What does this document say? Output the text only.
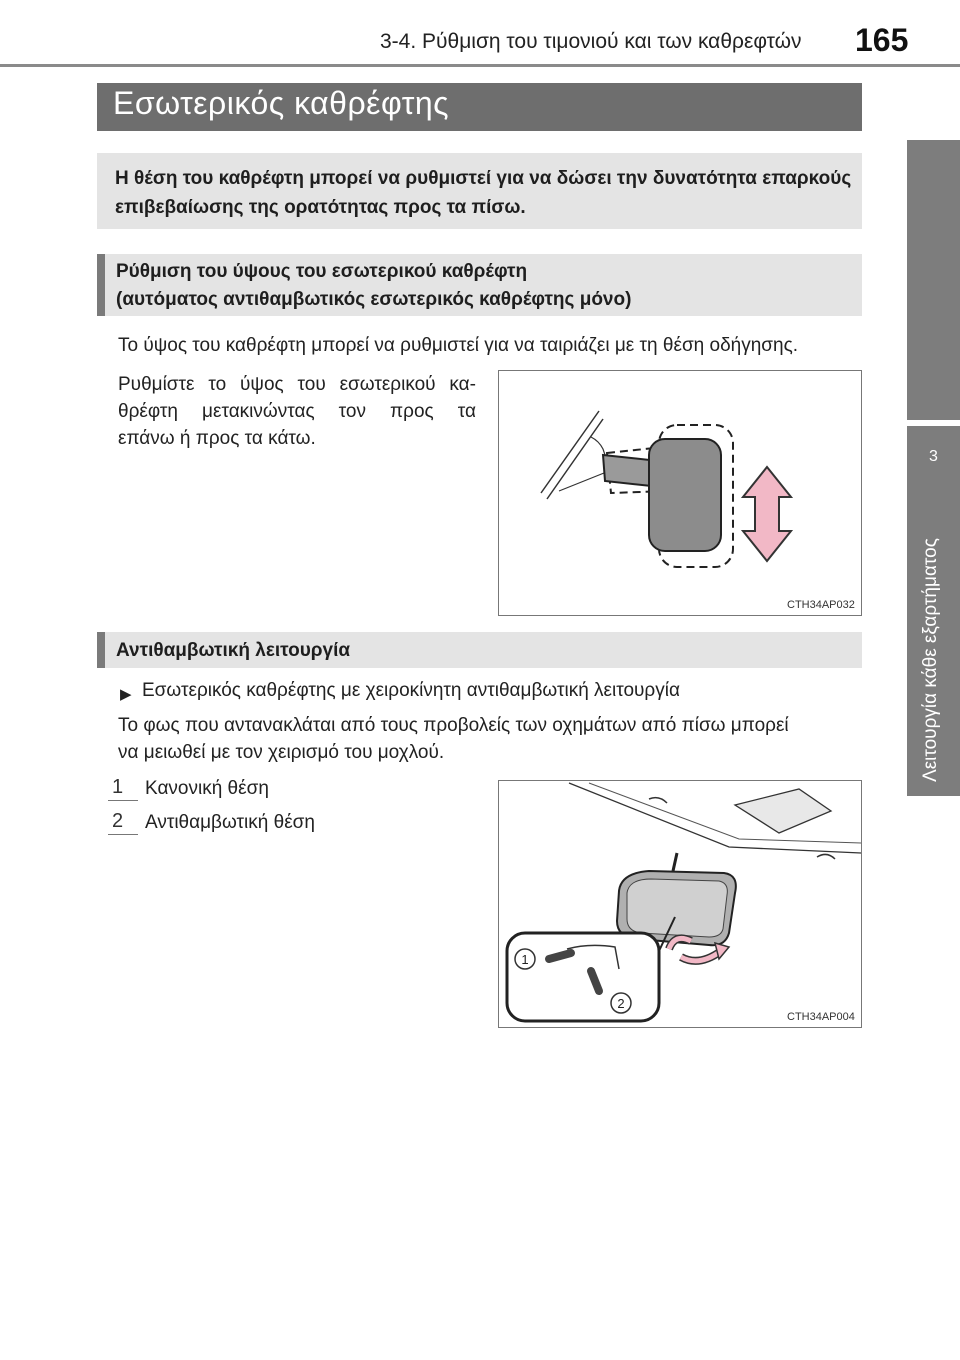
3-4. Ρύθμιση του τιμονιού και των καθρεφτών 165
3
Λειτουργία κάθε εξαρτήματος
Εσωτερικός καθρέφτης
Η θέση του καθρέφτη μπορεί να ρυθμιστεί για να δώσει την δυνατότητα επαρκούς επιβεβαίωσης της ορατότητας προς τα πίσω.
Ρύθμιση του ύψους του εσωτερικού καθρέφτη
(αυτόματος αντιθαμβωτικός εσωτερικός καθρέφτης μόνο)
Το ύψος του καθρέφτη μπορεί να ρυθμιστεί για να ταιριάζει με τη θέση οδήγησης.
Ρυθμίστε το ύψος του εσωτερικού κα-
θρέφτη μετακινώντας τον προς τα
επάνω ή προς τα κάτω.
CTH34AP032
Αντιθαμβωτική λειτουργία
▶ Εσωτερικός καθρέφτης με χειροκίνητη αντιθαμβωτική λειτουργία
Το φως που αντανακλάται από τους προβολείς των οχημάτων από πίσω μπορεί
να μειωθεί με τον χειρισμό του μοχλού.
1 Κανονική θέση
2 Αντιθαμβωτική θέση
1
2
CTH34AP004
